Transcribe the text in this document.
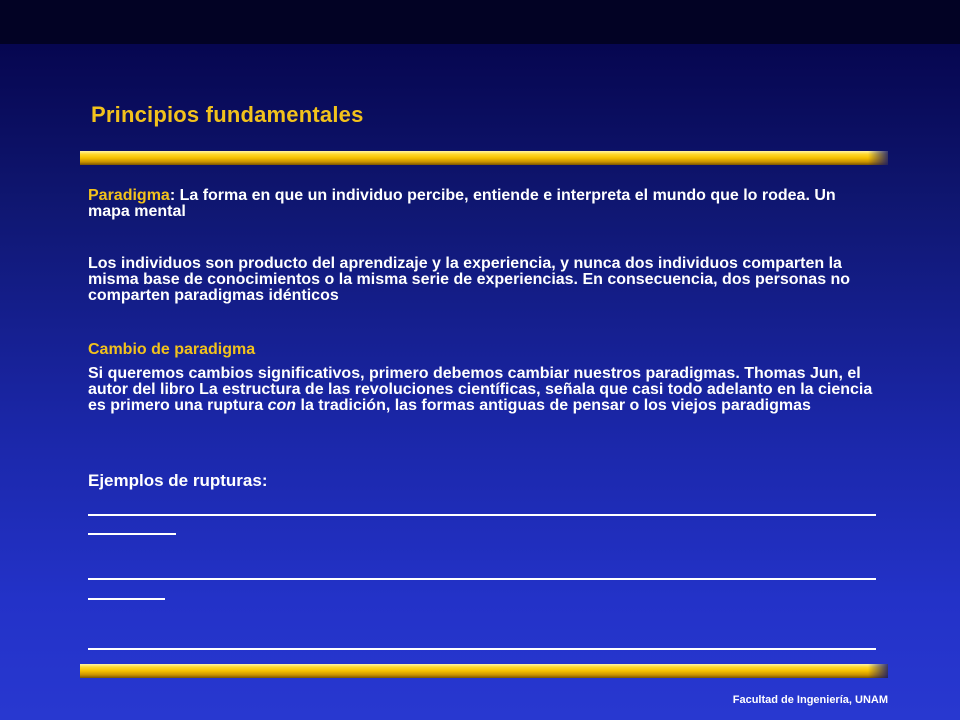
Principios fundamentales

Paradigma: La forma en que un individuo percibe, entiende e interpreta el mundo que lo rodea. Un mapa mental

Los individuos son producto del aprendizaje y la experiencia, y nunca dos individuos comparten la misma base de conocimientos o la misma serie de experiencias. En consecuencia, dos personas no comparten paradigmas idénticos

Cambio de paradigma

Si queremos cambios significativos, primero debemos cambiar nuestros paradigmas. Thomas Jun, el autor del libro La estructura de las revoluciones científicas, señala que casi todo adelanto en la ciencia es primero una ruptura con la tradición, las formas antiguas de pensar o los viejos paradigmas

Ejemplos de rupturas:
Facultad de Ingeniería, UNAM
